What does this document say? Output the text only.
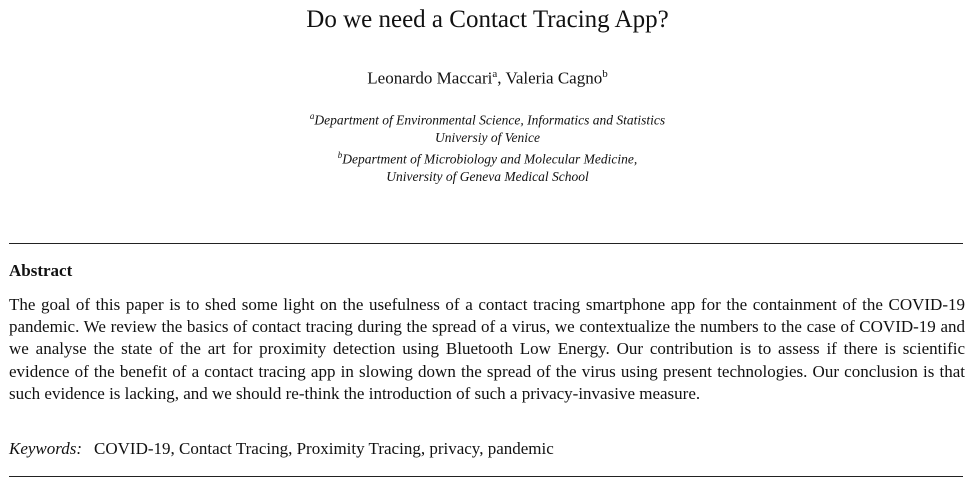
Do we need a Contact Tracing App?
Leonardo Maccari$^a$, Valeria Cagno$^b$
$^a$Department of Environmental Science, Informatics and Statistics
Universiy of Venice
$^b$Department of Microbiology and Molecular Medicine,
University of Geneva Medical School
Abstract
The goal of this paper is to shed some light on the usefulness of a contact tracing smartphone app for the containment of the COVID-19 pandemic. We review the basics of contact tracing during the spread of a virus, we contextualize the numbers to the case of COVID-19 and we analyse the state of the art for proximity detection using Bluetooth Low Energy. Our contribution is to assess if there is scientific evidence of the benefit of a contact tracing app in slowing down the spread of the virus using present technologies. Our conclusion is that such evidence is lacking, and we should re-think the introduction of such a privacy-invasive measure.
Keywords: COVID-19, Contact Tracing, Proximity Tracing, privacy, pandemic
